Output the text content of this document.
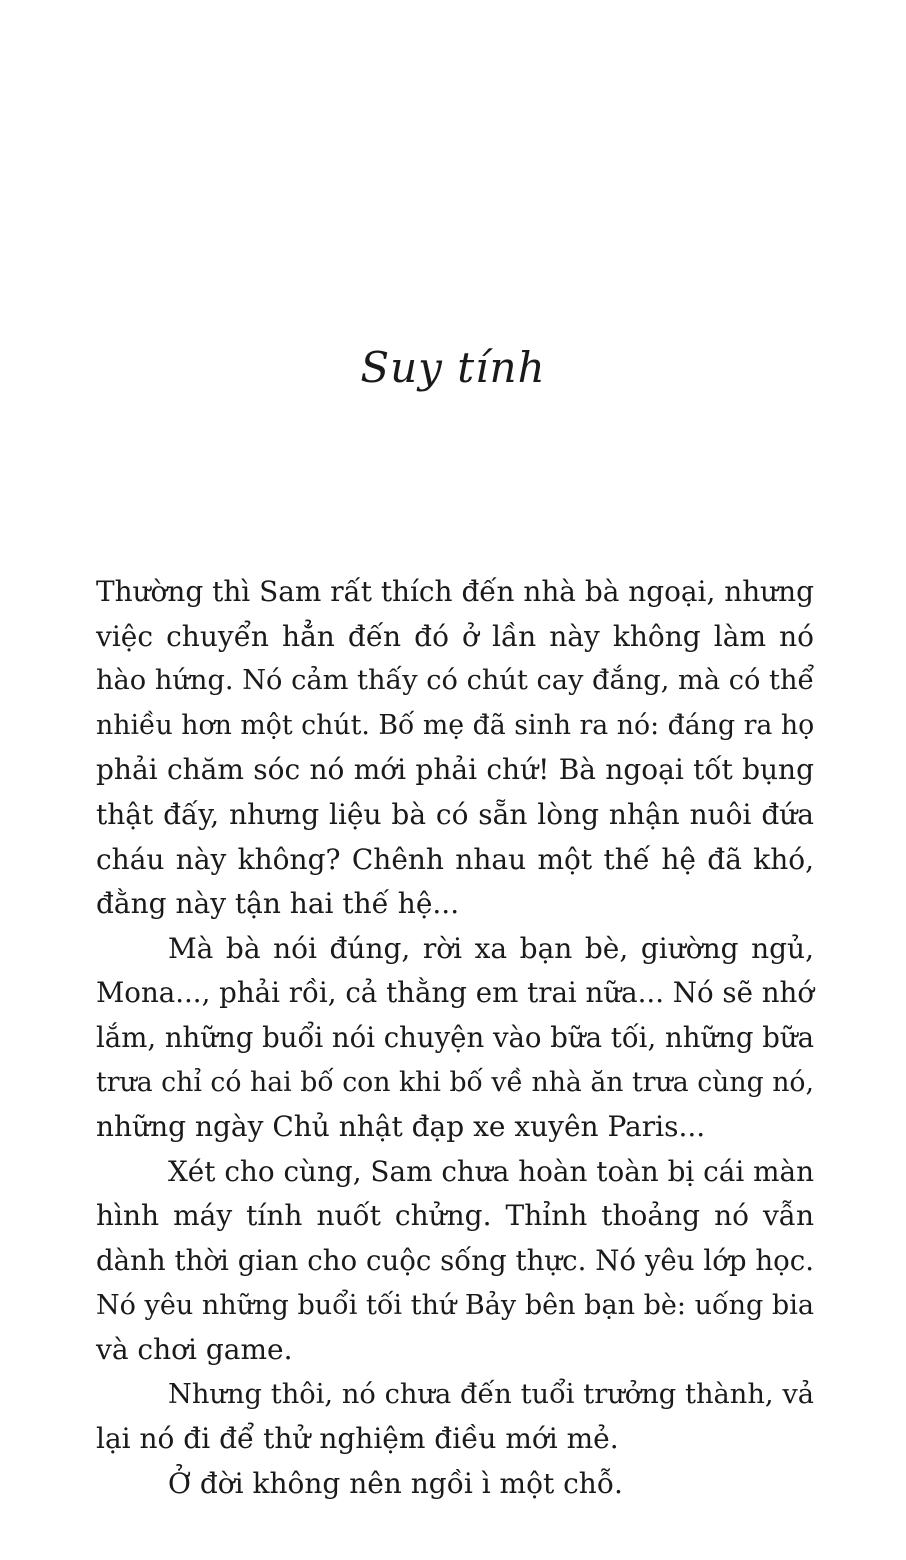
Suy tính
Thường thì Sam rất thích đến nhà bà ngoại, nhưng
việc chuyển hẳn đến đó ở lần này không làm nó
hào hứng. Nó cảm thấy có chút cay đắng, mà có thể
nhiều hơn một chút. Bố mẹ đã sinh ra nó: đáng ra họ
phải chăm sóc nó mới phải chứ! Bà ngoại tốt bụng
thật đấy, nhưng liệu bà có sẵn lòng nhận nuôi đứa
cháu này không? Chênh nhau một thế hệ đã khó,
đằng này tận hai thế hệ...
Mà bà nói đúng, rời xa bạn bè, giường ngủ,
Mona..., phải rồi, cả thằng em trai nữa... Nó sẽ nhớ
lắm, những buổi nói chuyện vào bữa tối, những bữa
trưa chỉ có hai bố con khi bố về nhà ăn trưa cùng nó,
những ngày Chủ nhật đạp xe xuyên Paris...
Xét cho cùng, Sam chưa hoàn toàn bị cái màn
hình máy tính nuốt chửng. Thỉnh thoảng nó vẫn
dành thời gian cho cuộc sống thực. Nó yêu lớp học.
Nó yêu những buổi tối thứ Bảy bên bạn bè: uống bia
và chơi game.
Nhưng thôi, nó chưa đến tuổi trưởng thành, vả
lại nó đi để thử nghiệm điều mới mẻ.
Ở đời không nên ngồi ì một chỗ.
